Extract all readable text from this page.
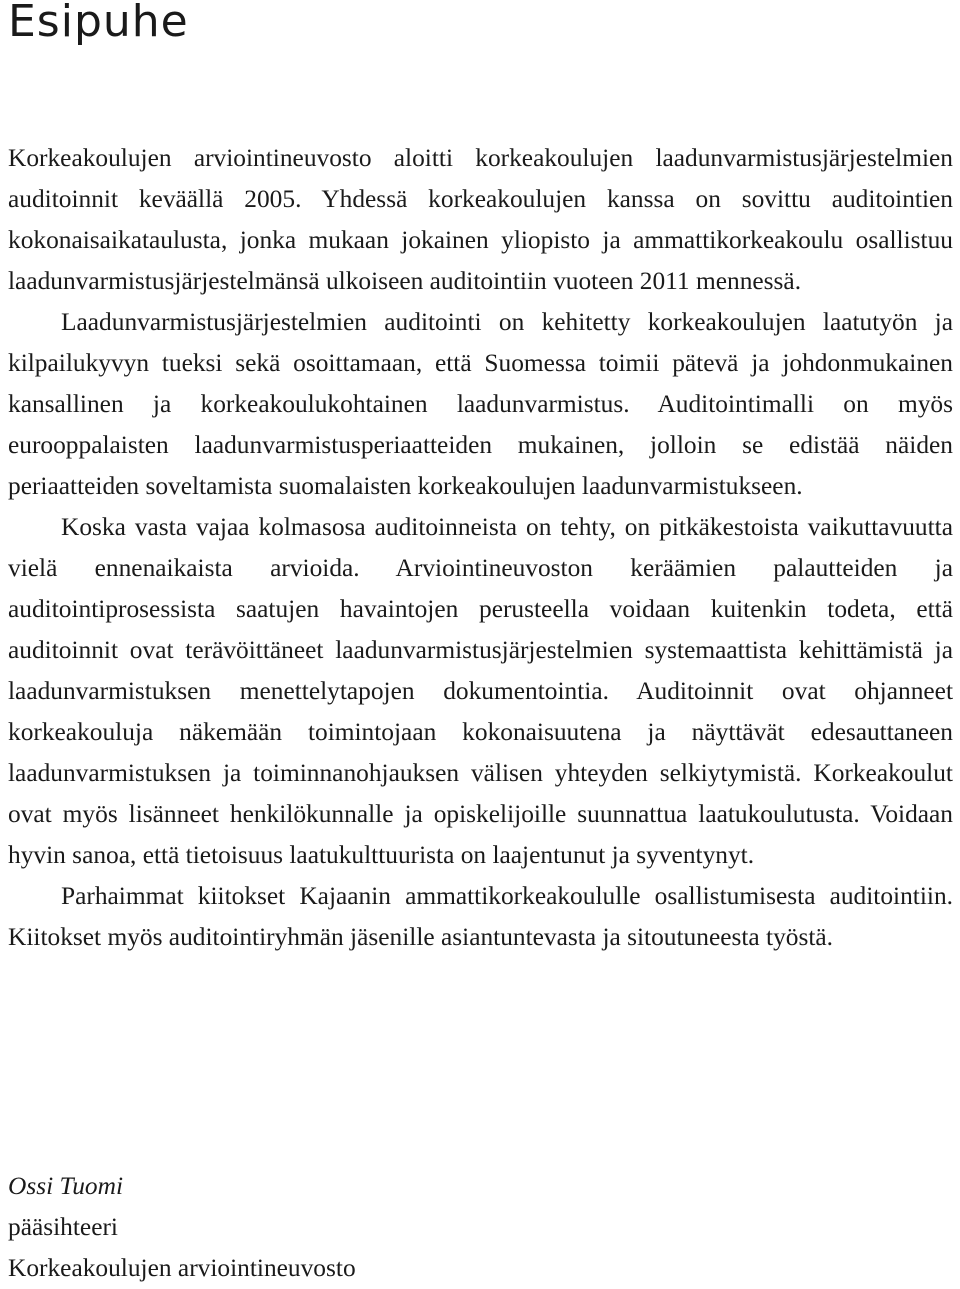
Esipuhe

Korkeakoulujen arviointineuvosto aloitti korkeakoulujen laadunvarmistusjärjestelmien auditoinnit keväällä 2005. Yhdessä korkeakoulujen kanssa on sovittu auditointien kokonaisaikataulusta, jonka mukaan jokainen yliopisto ja ammattikorkeakoulu osallistuu laadunvarmistusjärjestelmänsä ulkoiseen auditointiin vuoteen 2011 mennessä.

Laadunvarmistusjärjestelmien auditointi on kehitetty korkeakoulujen laatutyön ja kilpailukyvyn tueksi sekä osoittamaan, että Suomessa toimii pätevä ja johdonmukainen kansallinen ja korkeakoulukohtainen laadunvarmistus. Auditointimalli on myös eurooppalaisten laadunvarmistusperiaatteiden mukainen, jolloin se edistää näiden periaatteiden soveltamista suomalaisten korkeakoulujen laadunvarmistukseen.

Koska vasta vajaa kolmasosa auditoinneista on tehty, on pitkäkestoista vaikuttavuutta vielä ennenaikaista arvioida. Arviointineuvoston keräämien palautteiden ja auditointiprosessista saatujen havaintojen perusteella voidaan kuitenkin todeta, että auditoinnit ovat terävöittäneet laadunvarmistusjärjestelmien systemaattista kehittämistä ja laadunvarmistuksen menettelytapojen dokumentointia. Auditoinnit ovat ohjanneet korkeakouluja näkemään toimintojaan kokonaisuutena ja näyttävät edesauttaneen laadunvarmistuksen ja toiminnanohjauksen välisen yhteyden selkiytymistä. Korkeakoulut ovat myös lisänneet henkilökunnalle ja opiskelijoille suunnattua laatukoulutusta. Voidaan hyvin sanoa, että tietoisuus laatukulttuurista on laajentunut ja syventynyt.

Parhaimmat kiitokset Kajaanin ammattikorkeakoululle osallistumisesta auditointiin. Kiitokset myös auditointiryhmän jäsenille asiantuntevasta ja sitoutuneesta työstä.

Ossi Tuomi
pääsihteeri
Korkeakoulujen arviointineuvosto
